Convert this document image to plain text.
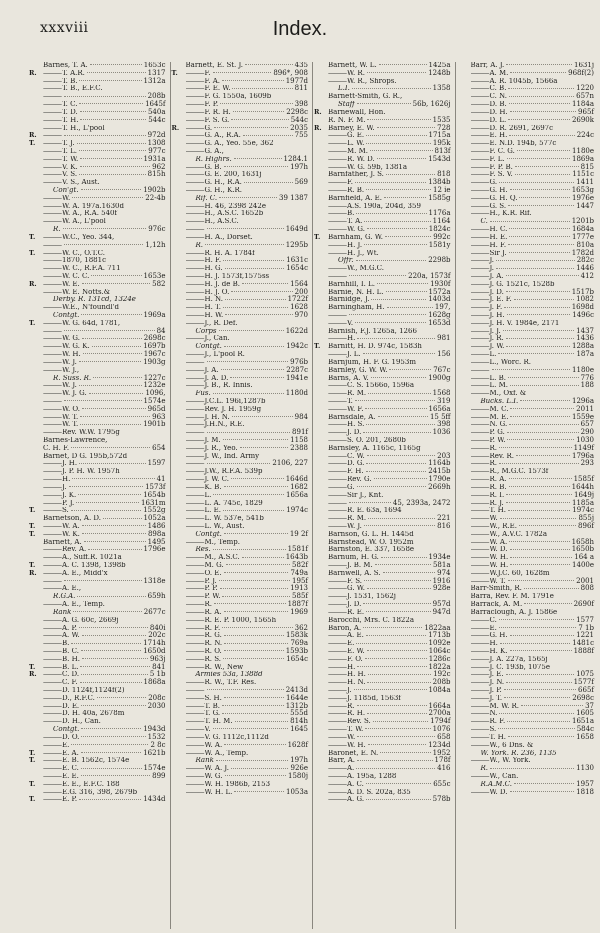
xxxviii	Index.
Barnes, T. A.	1653c
R.	——— T. A.R.	1317
——— T. B.	1312a
——— T. B., E.F.C.
———
208b
——— T. C.	1645f
——— T. D.	540a
——— T. H.	544c
——— T. H., L'pool
R. ———	972d
T.	——— T. J.	1308
——— T. L.	977c
——— T. W.	1931a
——— V. K.	962
——— V. S.	815h
——— V. S., Aust.
Con'gt.	1902b
——— W.	22-4b
——— W. A. 197a.1630d
——— W. A., R.A. 540f
——— W. A., L'pool
R.	976c
T.	——— W.C., Yeo. 344,
———
1,12h
T.	——— W. C., O.T.C.
——— 1870, 1881c
——— W. C., R.F.A. 711
——— W. C. C.	1653e
R.	——— W. E.	582
——— W. E. Notts.&
Derby. R. 131cd, 1324e
——— W.E., N'foundl'd
Contgt.	1969a
T.	——— W. G. 64d, 1781,
———
84
——— W. G.	2698c
——— W. G. K.	1697b
——— W. H.	1967c
——— W. J.	1903g
——— W. J.,
R. Suss. R.	1227c
——— W. J.	1232e
——— W. J. G.	1096,
———
1574e
——— W. O.	965d
——— W. T.	963
——— W. T.	1901b
——— Rev. W.W. 1795g
Barnes-Lawrence,
C. H. F.	654
Barnet, D G. 195b,572d
——— J. H.	1597
——— J. P. H. W. 1957h
——— H.	41
——— J.	1573f
——— J. K.	1654b
——— P. J.	1631m
T.	——— S.	1552g
Barnetson, A. D.	1052a
T.	——— W. A.	1486
T.	——— W. K.	898a
Barnett, A.	1495
——— Rev. A.	1796e
——— A., Suff.R. 1021a
T.	——— A. C. 1398, 1398b
R.	——— A. E., Midd'x
———
1318e
——— A. E.,
R.G.A.	659h
——— A. E., Temp.
Rank	2677c
——— A. G. 60c, 2669j
——— A. P.	840i
——— A. W.	202c
——— B.	1714h
——— B. C.	1650d
——— B. H.	963j
T.	——— B. L.	841
R.	——— C. D.	5 1b
——— C. F.	1868a
——— D. 1124f,1124f(2)
——— D., R.F.C.	208c
——— D. E.	2030
——— D. H. 40a, 2678m
——— D. H., Can.
Contgt.	1943d
——— D. O.	1532
——— E.	2 8c
T.	——— E. A.	1621b
T.	——— E. B. 1562c, 1574e
——— E. C.	1574e
——— E. E.	899
T.	——— E. E., E.F.C. 188
——— E.G. 316, 398, 2679b
T.	——— E. P.	1434d
Barnett, E. St. J.	435
T.	——— F.	896*, 908
——— F. A.	1977d
——— F. E. W.	811
——— F. G. 1550a, 1609b
——— F. P.	398
——— F. R. H.	2298c
——— F. S. G.	544c
R.	——— G.	2035
——— G. A., R.A.	755
——— G. A., Yeo. 55e, 362
——— G. A.,
R. Highrs.	1284.1
——— G. B.	197h
——— G. E. 200, 1631j
——— G. H., R.A.	569
——— G. H., K.R.
Rif. C.	39 1387
——— H. 46, 2398 242e
——— H., A.S.C. 1652b
——— H., A.S.C.
———
1649d
——— H. A., Dorset.
R.	1295b
——— R. H. A. 1784f
——— H. F.	1631c
——— H. G.	1654c
——— H. J. 1573f,1575ss
——— H. J. de B.	1564
——— H. J. O.	200
——— H. N.	1722f
——— H. T.	1628
——— H. W.	970
——— J., R. Def.
Corps	1622d
——— J., Can.
Contgt.	1942c
——— J., L'pool R.
———
976b
——— J. A.	2287c
——— J. A. D.	1941e
——— J. B., R. Innis.
Fus.	1180d
——— J.C.L. 196i,1287b
——— Rev. J. H. 1959g
——— J. H. N.	984
——— J.H.N., R.E.
———
891f
——— J. M.	1158
——— J. R., Yeo.	2388
——— J. W., Ind. Army
———
2106, 227
——— J.W., R.F.A. 539p
——— J. W. C.	1646d
——— K. B.	1682
——— L.	1656a
——— L. A. 745c, 1829
——— L. E.	1974c
——— L. W. 537e, 541b
——— L. W., Aust.
Contgt.	19 2f
——— M., Temp.
Res.	1581f
——— M., A.S.C.	1643b
——— M. G.	582f
——— O. E.	749a
——— P. J.	195f
——— P. P.	1913
——— P. W.	585f
——— R.	1887f
——— R. A.	1969
——— R. E. P. 1000, 1565h
——— R. F.	362
——— R. G.	1583k
——— R. N.	769a
——— R. O.	1593b
——— R. S.	1654c
——— R. W., New
Armies 53a, 1388d
——— R. W., T.F. Res.
———
2413d
——— S. H.	1644e
——— T. B.	1312b
——— T. G.	555d
——— T. H. M.	814h
——— V.	1645
——— V. G. 1112c,1112d
——— W. A.	1628f
——— W. A., Temp.
Rank	197h
——— W. A. J.	926e
——— W. G.	1580j
——— W. H. 1986b, 2153
——— W. H. L.	1053a
Barnett, W. L.	1425a
——— W. R.	1248b
——— W. R., Shrops.
L.I.	1358
Barnett-Smith, G. R.,
Staff	56b, 1626j
R. Barnewall, Hon.
R. N. F. M.	1535
R. Barney, E. W.	728
——— G. E.	1715a
——— L. W.	195k
——— M. M.	813f
——— R. W. D.	1543d
——— W. G. 59b, 1381a
Barnfather, J. S.	818
——— F.	1384b
——— R. B.	12 ie
Barnfield, A. E.	1585g
——— A.S. 190a, 204d, 359
——— B.	1176a
——— T. A.	1164
——— W. G.	1824c
T.	Barnham, G. W.	992c
——— H. J.	1581y
——— H. J., Wt.
Offr.	2298b
——— W., M.G.C.
———
220a, 1573f
Barnhill, I. L.	1930f
Barnie, N. H. L.	1572a
Barnidge, J.	1403d
Barningham, H.	197,
———
1628g
——— V.	1653d
Barnish, F.J. 1265a, 1266
——— H.	981
T.	Barnitt, H. D. 974c, 1583h
——— J. L.	156
Barnjum, H. F. G. 1953m
Barnley, G. W. W.	767c
Barns, A. V.	1900g
——— C. S. 1566o, 1596a
——— R. M.	1568
——— T.	319
——— W. F.	1656a
Barnsdale, A.	15 5ff
——— H. S.	398
——— J. D.	1036
——— S. O. 201, 2680b
Barnsley, A. 1165c, 1165g
——— C. W.	203
——— D. G.	1164b
——— F. H.	2415b
——— Rev. G.	1790e
——— G.	2669h
——— Sir J., Knt.
———
45, 2393a, 2472
——— R. E. 63a, 1694
——— R. M.	221
——— W. J.	816
Barnson, G. L. H. 1445d
Barnstead, W. O. 1952m
Barnston, E. 337, 1658e
Barnum, H. G.	1934e
——— J. B. M.	581a
Barnwell, A. S.	974
——— F. S.	1916
——— G. W.	928e
——— J. 1531, 1562j
——— J. D.	957d
——— R. E.	947d
Barocchi, Mrs. C. 1822a
Baron, A.	1822aa
——— A. E.	1713b
——— E.	1092e
——— E. W.	1064c
——— F. O.	1286c
——— H.	1822a
——— H. H.	192c
——— H. N.	208b
——— J.	1084a
——— J. 1185d, 1563f
——— R.	1664a
——— R. H.	2700a
——— Rev. S.	1794f
——— T. W.	1076
——— W.	658
——— W. H.	1234d
Baronet, E. N.	1952
Barr, A.	178f
——— A.	416
——— A. 195a, 1288
——— A. C.	655c
——— A. D. S. 202a, 835
——— A. G.	578b
Barr, A. J.	1631j
——— A. M.	968f(2)
——— A. R. 1045b, 1566a
——— C. B.	1220
——— C. N.	657n
——— D. B.	1184a
——— D. H.	965f
——— D. L.	2690k
——— D. R. 2691, 2697c
——— E. H.	224c
——— E. N.D. 194b, 577c
——— F. C. G.	1180e
——— F. L.	1869a
——— F. P. B.	815
——— F. S. V.	1151c
——— G.	1411
——— G. H.	1653g
——— G. H. Q.	1976e
——— G. S.	1447
——— H., K.R. Rif.
C.	1201b
——— H. C.	1684a
——— H. E.	1777e
——— H. F.	810a
——— Sir J.	1782d
——— J.	282c
——— J.	1446
——— J. A.	412
——— J. G. 1521c, 1528b
——— J. D.	1517b
——— J. E. F.	1082
——— J. F.	1698d
——— J. H.	1496c
——— J. H. V. 1984e, 2171
——— J. J.	1437
——— J. R.	1436
——— J. W.	1288a
——— L.	187a
——— L., Worc. R.
———
1180e
——— L. B.	776
——— L. M.	188
——— M., Oxf. &
Bucks. L.I.	1296a
——— M. C.	2011
——— M. E.	1559e
——— N. G.	657
——— P. G.	290
——— P. W.	1030
——— R.	1149f
——— Rev. R.	1796a
——— R.	293
——— R., M.G.C. 1573f
——— R. A.	1585f
——— R. B.	1644h
——— R. I.	1649j
——— R. J.	1185a
——— T. H.	1974c
——— W.	855j
——— W., R.E.	896f
——— W., A.V.C. 1782a
——— W. A.	1658h
——— W. D.	1650b
——— W. H.	164 a
——— W. H.	1400e
——— W.J.C. 60, 1628m
——— W. T.	2001
Barr-Smith, R.	808
Barra, Rev. F. M. 1791e
Barrack, A. M.	2690f
Barraclough, A. J. 1586e
——— C.	1577
——— E.	7 1b
——— G. H.	1221
——— H.	1481c
——— H. K.	1888f
——— J. A. 227a, 1565j
——— J. C. 193b, 1075e
——— J. E.	1075
——— J. N.	1577f
——— J. P.	665f
——— J. T.	2698c
——— M. W. R.	37
——— N.	1605
——— R. F.	1651a
——— S.	584c
——— T. H.	1658
——— W., 6 Dns. &
W. York. R. 236, 1135
——— W., W. York.
R.	1130
——— W., Can.
R.A.M.C.	1957
——— W. D.	1818
